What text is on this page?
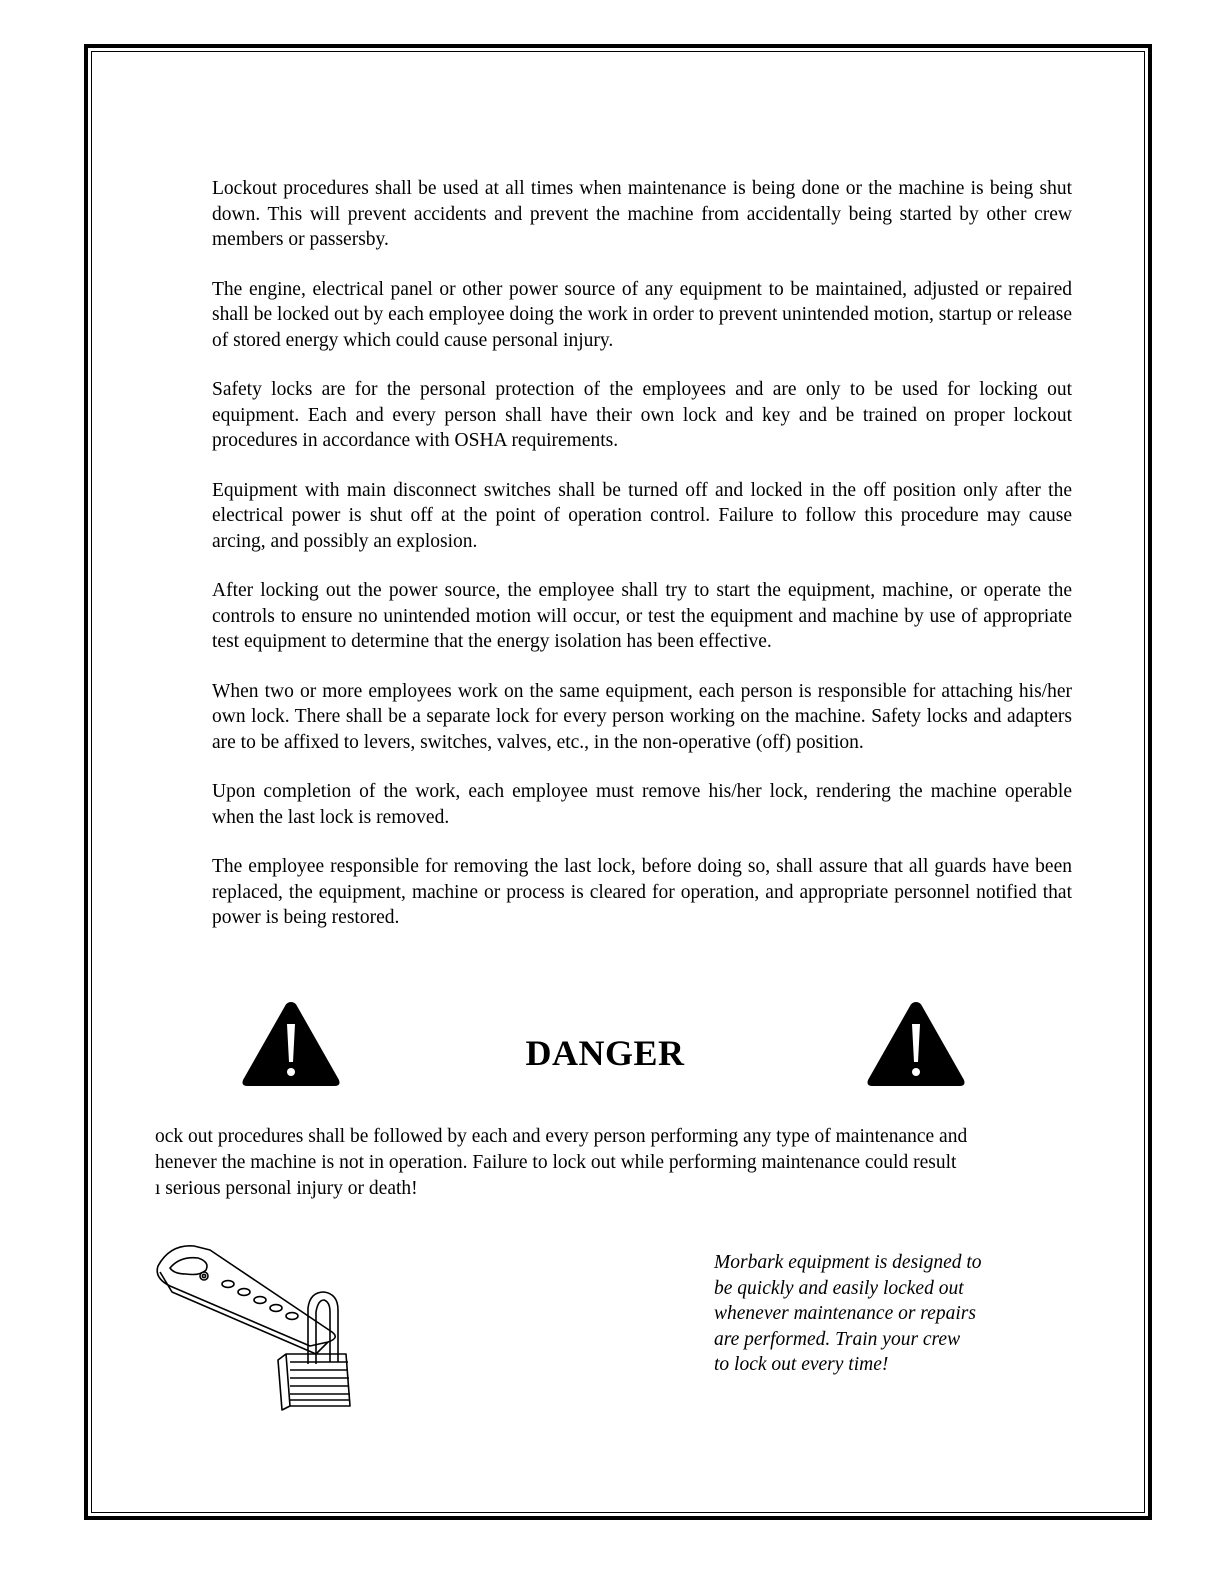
Lockout procedures shall be used at all times when maintenance is being done or the machine is being shut down. This will prevent accidents and prevent the machine from accidentally being started by other crew members or passersby.

The engine, electrical panel or other power source of any equipment to be maintained, adjusted or repaired shall be locked out by each employee doing the work in order to prevent unintended motion, startup or release of stored energy which could cause personal injury.

Safety locks are for the personal protection of the employees and are only to be used for locking out equipment. Each and every person shall have their own lock and key and be trained on proper lockout procedures in accordance with OSHA requirements.

Equipment with main disconnect switches shall be turned off and locked in the off position only after the electrical power is shut off at the point of operation control. Failure to follow this procedure may cause arcing, and possibly an explosion.

After locking out the power source, the employee shall try to start the equipment, machine, or operate the controls to ensure no unintended motion will occur, or test the equipment and machine by use of appropriate test equipment to determine that the energy isolation has been effective.

When two or more employees work on the same equipment, each person is responsible for attaching his/her own lock. There shall be a separate lock for every person working on the machine. Safety locks and adapters are to be affixed to levers, switches, valves, etc., in the non-operative (off) position.

Upon completion of the work, each employee must remove his/her lock, rendering the machine operable when the last lock is removed.

The employee responsible for removing the last lock, before doing so, shall assure that all guards have been replaced, the equipment, machine or process is cleared for operation, and appropriate personnel notified that power is being restored.

DANGER
ock out procedures shall be followed by each and every person performing any type of maintenance and
henever the machine is not in operation. Failure to lock out while performing maintenance could result
ı serious personal injury or death!
Morbark equipment is designed to
be quickly and easily locked out
whenever maintenance or repairs
are performed. Train your crew
to lock out every time!
